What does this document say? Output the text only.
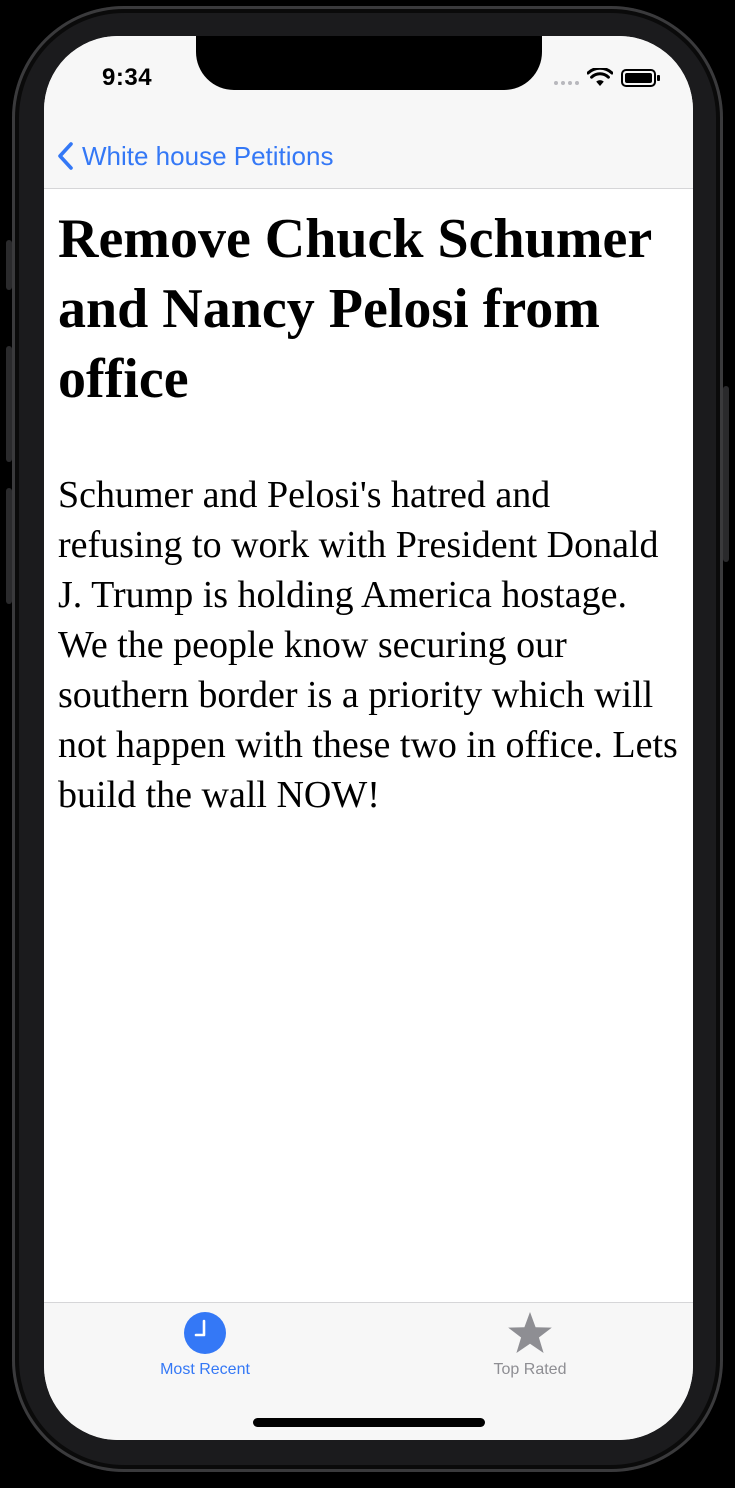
9:34
White house Petitions
Remove Chuck Schumer and Nancy Pelosi from office

Schumer and Pelosi's hatred and refusing to work with President Donald J. Trump is holding America hostage. We the people know securing our southern border is a priority which will not happen with these two in office. Lets build the wall NOW!

Most Recent	Top Rated
